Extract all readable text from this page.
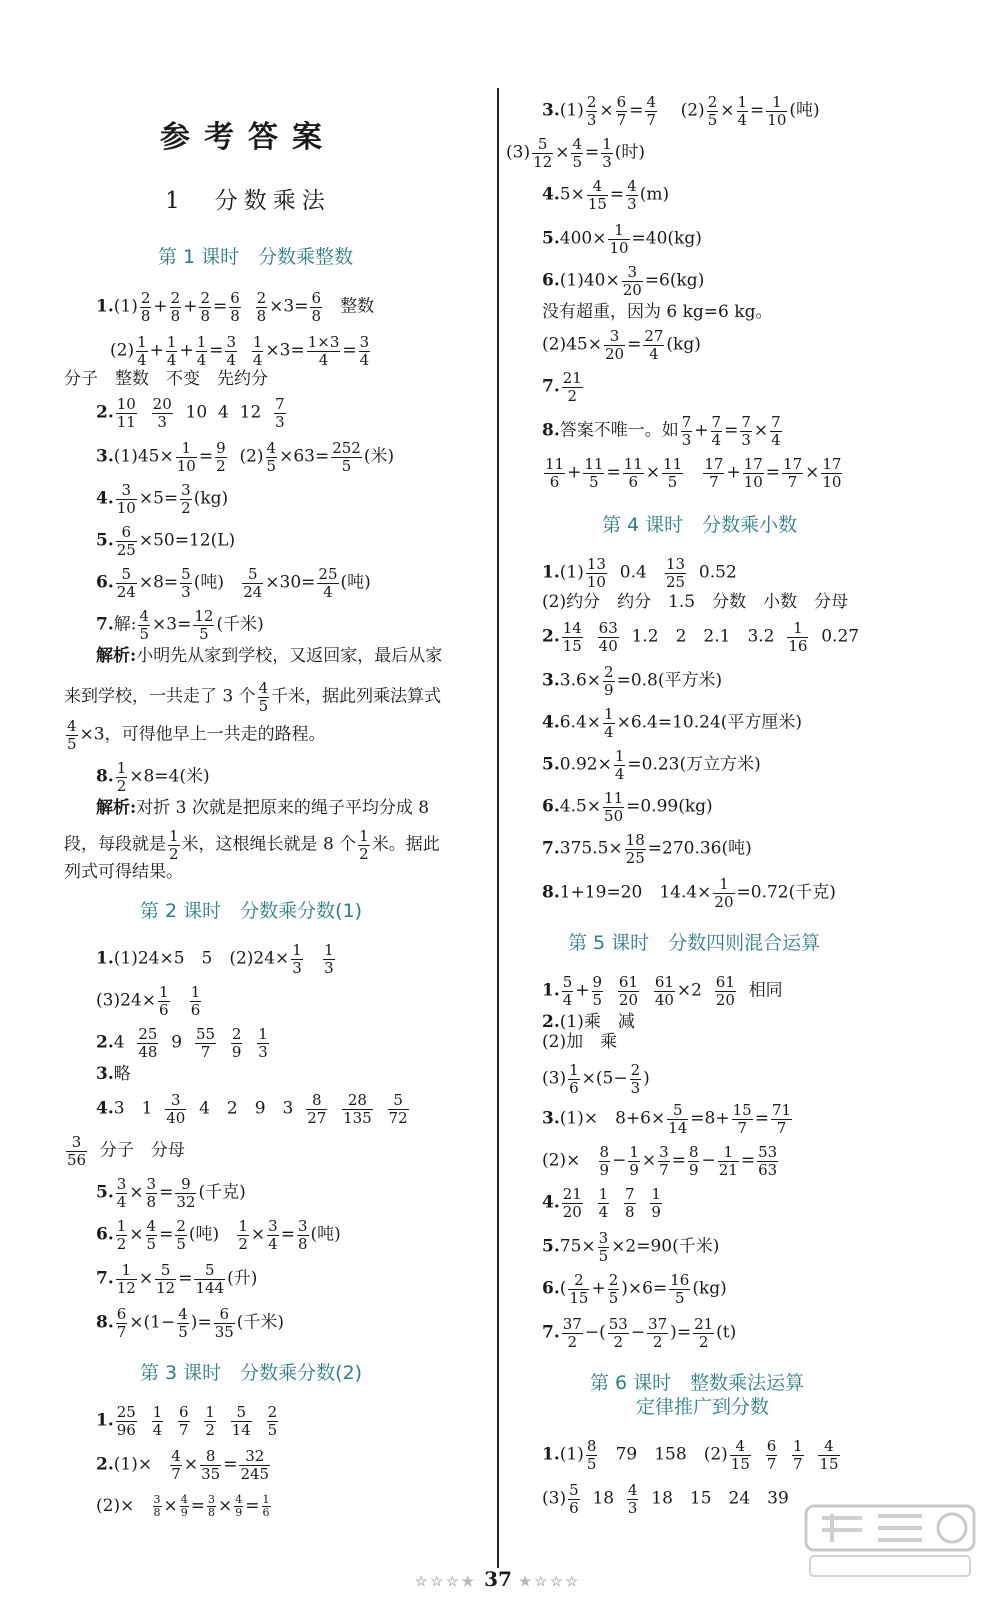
参考答案
1　分数乘法
第 1 课时　分数乘整数
$1.(1) \frac{2}{8} + \frac{2}{8} + \frac{2}{8} = \frac{6}{8}$
$\frac{2}{8} \times 3= \frac{6}{8}$ 整数
$(2) \frac{1}{4} + \frac{1}{4} + \frac{1}{4} = \frac{3}{4}$
$\frac{1}{4} \times 3= \frac{1\times 3}{4} = \frac{3}{4}$
分子　整数　不变　先约分
2. $\frac{10}{11}$
$\frac{20}{3} 10$ 4 $12 \frac{7}{3}$
$3.(1)45\times \frac{1}{10} = \frac{9}{2} (2) \frac{4}{5} \times 63= \frac{252}{5}$ (米)
4. $\frac{3}{10} \times 5= \frac{3}{2} (kg)$
5. $\frac{6}{25} \times 50=12(L)$
6. $\frac{5}{24} \times 8= \frac{5}{3}$ (吨) $\frac{5}{24} \times 30= \frac{25}{4}$ (吨)
7.解: $\frac{4}{5} \times 3= \frac{12}{5}$ (千米)
解析:小明先从家到学校，又返回家，最后从家
来到学校，一共走了 3 个 $\frac{4}{5}$ 千米，据此列乘法算式
$\frac{4}{5} \times 3$，可得他早上一共走的路程。
8. $\frac{1}{2} \times 8=4$(米)
解析:对折 3 次就是把原来的绳子平均分成 8
段，每段就是 $\frac{1}{2}$ 米，这根绳长就是 8 个 $\frac{1}{2}$ 米。据此
列式可得结果。
第 2 课时　分数乘分数(1)
1.(1)24×5　5　$(2)24\times \frac{1}{3}$
$\frac{1}{3}$
$(3)24\times \frac{1}{6}$
$\frac{1}{6}$
$2.4 \frac{25}{48} 9 \frac{55}{7}$
$\frac{2}{9}$
$\frac{1}{3}$
3.略
4.3　$1 \frac{3}{40} 4$　2　9　$3 \frac{8}{27}$
$\frac{28}{135}$
$\frac{5}{72}$
$\frac{3}{56}$ 分子　分母
5. $\frac{3}{4} \times \frac{3}{8} = \frac{9}{32}$ (千克)
6. $\frac{1}{2} \times \frac{4}{5} = \frac{2}{5}$ (吨) $\frac{1}{2} \times \frac{3}{4} = \frac{3}{8}$ (吨)
7. $\frac{1}{12} \times \frac{5}{12} = \frac{5}{144}$ (升)
8. $\frac{6}{7} \times(1- \frac{4}{5}$ )= $\frac{6}{35}$ (千米)
第 3 课时　分数乘分数(2)
1. $\frac{25}{96}$
$\frac{1}{4}$
$\frac{6}{7}$
$\frac{1}{2}$
$\frac{5}{14}$
$\frac{2}{5}$
$2.(1)\times \frac{4}{7} \times \frac{8}{35} = \frac{32}{245}$
$(2)\times \frac{3}{8} \times \frac{4}{9} = \frac{3}{8} \times \frac{4}{9} = \frac{1}{6}$
$3.(1) \frac{2}{3} \times \frac{6}{7} = \frac{4}{7} (2) \frac{2}{5} \times \frac{1}{4} = \frac{1}{10}$ (吨)
$(3) \frac{5}{12} \times \frac{4}{5} = \frac{1}{3}$ (时)
$4.5\times \frac{4}{15} = \frac{4}{3} (m)$
$5.400\times \frac{1}{10} =40(kg)$
$6.(1)40\times \frac{3}{20} =6(kg)$
没有超重，因为 6 kg=6 kg。
$(2)45\times \frac{3}{20} = \frac{27}{4} (kg)$
7. $\frac{21}{2}$
8.答案不唯一。如 $\frac{7}{3} + \frac{7}{4} = \frac{7}{3} \times \frac{7}{4}$
$\frac{11}{6} + \frac{11}{5} = \frac{11}{6} \times \frac{11}{5}$
$\frac{17}{7} + \frac{17}{10} = \frac{17}{7} \times \frac{17}{10}$
第 4 课时　分数乘小数
$1.(1) \frac{13}{10} 0.4 \frac{13}{25} 0.52$
(2)约分　约分　1.5　分数　小数　分母
2. $\frac{14}{15}$
$\frac{63}{40} 1.2$　2　2.1　$3.2 \frac{1}{16} 0.27$
$3.3.6\times \frac{2}{9} =0.8$(平方米)
$4.6.4\times \frac{1}{4} \times 6.4=10.24$(平方厘米)
$5.0.92\times \frac{1}{4} =0.23$(万立方米)
$6.4.5\times \frac{11}{50} =0.99(kg)$
$7.375.5\times \frac{18}{25} =270.36$(吨)
8.1+19=20　$14.4\times \frac{1}{20} =0.72$(千克)
第 5 课时　分数四则混合运算
1. $\frac{5}{4} + \frac{9}{5}$
$\frac{61}{20}$
$\frac{61}{40} \times 2 \frac{61}{20}$ 相同
2.(1)乘　减
(2)加　乘
$(3) \frac{1}{6} \times(5- \frac{2}{3}$ )
3.(1)×　$8+6\times \frac{5}{14} =8+ \frac{15}{7} = \frac{71}{7}$
$(2)\times \frac{8}{9} - \frac{1}{9} \times \frac{3}{7} = \frac{8}{9} - \frac{1}{21} = \frac{53}{63}$
4. $\frac{21}{20}$
$\frac{1}{4}$
$\frac{7}{8}$
$\frac{1}{9}$
$5.75\times \frac{3}{5} \times 2=90$(千米)
$6.( \frac{2}{15} + \frac{2}{5} )\times 6= \frac{16}{5} (kg)$
7. $\frac{37}{2}$ −( $\frac{53}{2} - \frac{37}{2}$ )= $\frac{21}{2} (t)$
第 6 课时　整数乘法运算
定律推广到分数
$1.(1) \frac{8}{5} 79$　158　$(2) \frac{4}{15}$
$\frac{6}{7}$
$\frac{1}{7}$
$\frac{4}{15}$
$(3) \frac{5}{6} 18 \frac{4}{3} 18$　15　24　39
☆☆☆★ 37 ★☆☆☆
